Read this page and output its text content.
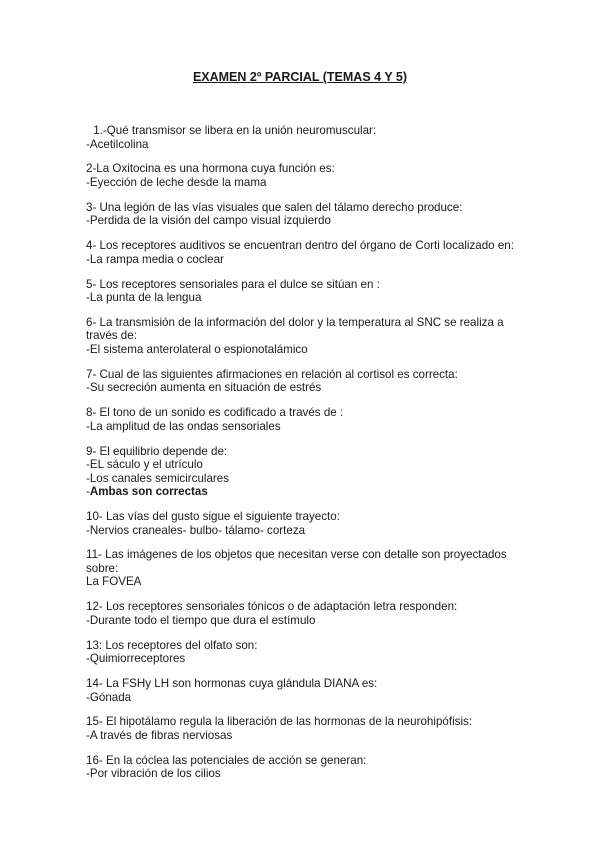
EXAMEN 2º PARCIAL (TEMAS 4 Y 5)
1.-Qué transmisor se libera en la unión neuromuscular:
-Acetilcolina
2-La Oxitocina es una hormona cuya función es:
-Eyección de leche desde la mama
3- Una legión de las vías visuales que salen del tálamo derecho produce:
-Perdida de la visión del campo visual izquierdo
4- Los receptores auditivos se encuentran dentro del órgano de Corti localizado en:
-La rampa media o coclear
5- Los receptores sensoriales para el dulce se sitúan en :
-La punta de la lengua
6- La transmisión de la información del dolor y la temperatura al SNC se realiza a través de:
-El sistema anterolateral o espionotalámico
7- Cual de las siguientes afirmaciones en relación al cortisol es correcta:
-Su secreción aumenta en situación de estrés
8- El tono de un sonido es codificado a través de :
-La amplitud de las ondas sensoriales
9- El equilibrio depende de:
-EL sáculo y el utrículo
-Los canales semicirculares
-Ambas son correctas
10- Las vías del gusto sigue el siguiente trayecto:
-Nervios craneales- bulbo- tálamo- corteza
11- Las imágenes de los objetos que necesitan verse con detalle son proyectados sobre:
La FOVEA
12- Los receptores sensoriales tónicos o de adaptación letra responden:
-Durante todo el tiempo que dura el estímulo
13: Los receptores del olfato son:
-Quimiorreceptores
14- La FSHy LH son hormonas cuya glándula DIANA es:
-Gónada
15- El hipotálamo regula la liberación de las hormonas de la neurohipófisis:
-A través de fibras nerviosas
16- En la cóclea las potenciales de acción se generan:
-Por vibración de los cilios
